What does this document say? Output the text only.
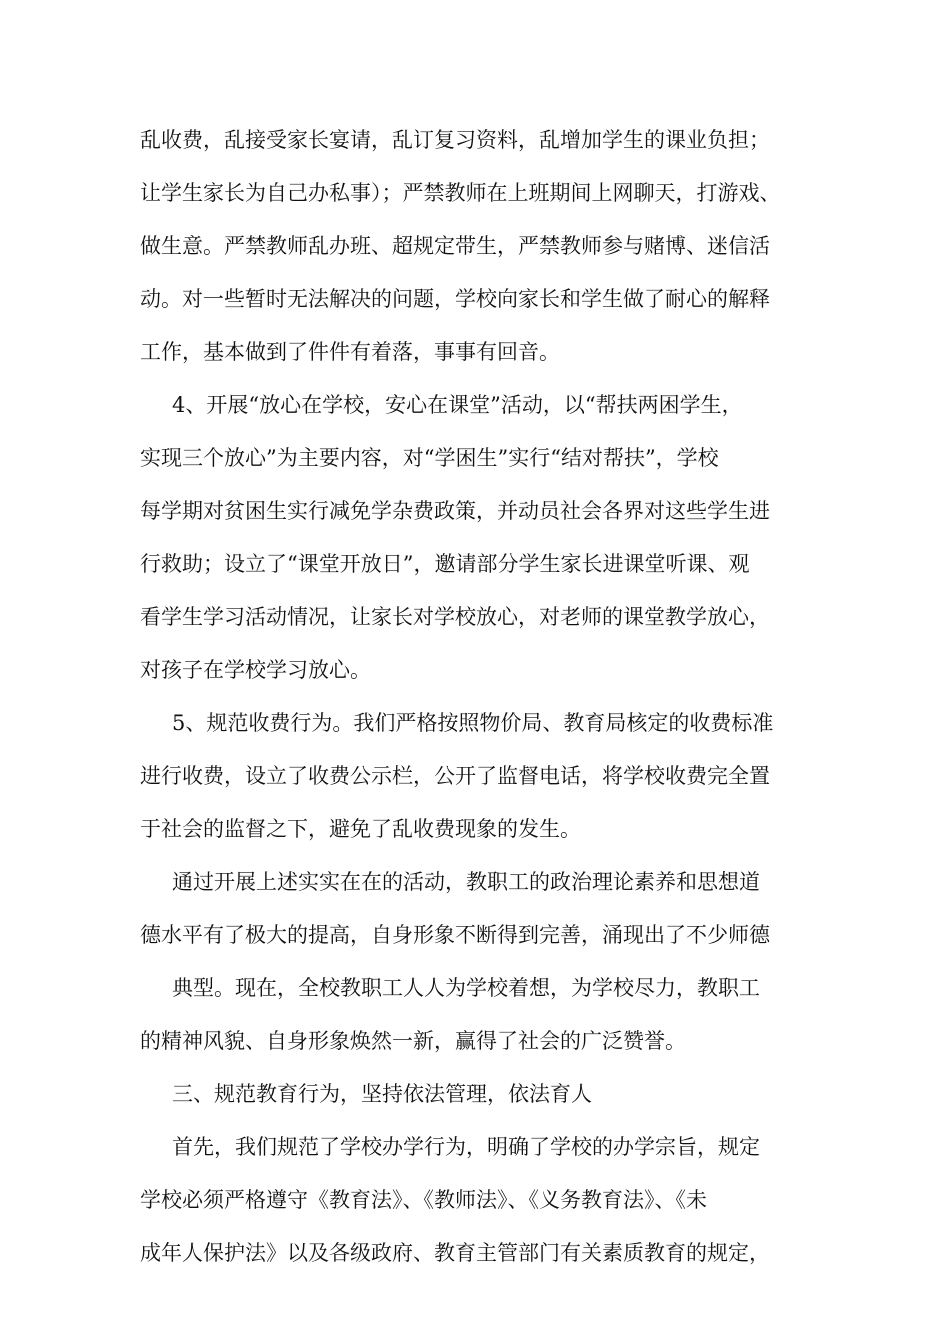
乱收费，乱接受家长宴请，乱订复习资料，乱增加学生的课业负担；
让学生家长为自己办私事）；严禁教师在上班期间上网聊天，打游戏、
做生意。严禁教师乱办班、超规定带生，严禁教师参与赌博、迷信活
动。对一些暂时无法解决的问题，学校向家长和学生做了耐心的解释
工作，基本做到了件件有着落，事事有回音。
4、开展“放心在学校，安心在课堂”活动，以“帮扶两困学生，
实现三个放心”为主要内容，对“学困生”实行“结对帮扶”，学校
每学期对贫困生实行减免学杂费政策，并动员社会各界对这些学生进
行救助；设立了“课堂开放日”，邀请部分学生家长进课堂听课、观
看学生学习活动情况，让家长对学校放心，对老师的课堂教学放心，
对孩子在学校学习放心。
5、规范收费行为。我们严格按照物价局、教育局核定的收费标准
进行收费，设立了收费公示栏，公开了监督电话，将学校收费完全置
于社会的监督之下，避免了乱收费现象的发生。
通过开展上述实实在在的活动，教职工的政治理论素养和思想道
德水平有了极大的提高，自身形象不断得到完善，涌现出了不少师德
典型。现在，全校教职工人人为学校着想，为学校尽力，教职工
的精神风貌、自身形象焕然一新，赢得了社会的广泛赞誉。
三、规范教育行为，坚持依法管理，依法育人
首先，我们规范了学校办学行为，明确了学校的办学宗旨，规定
学校必须严格遵守《教育法》、《教师法》、《义务教育法》、《未
成年人保护法》以及各级政府、教育主管部门有关素质教育的规定，
